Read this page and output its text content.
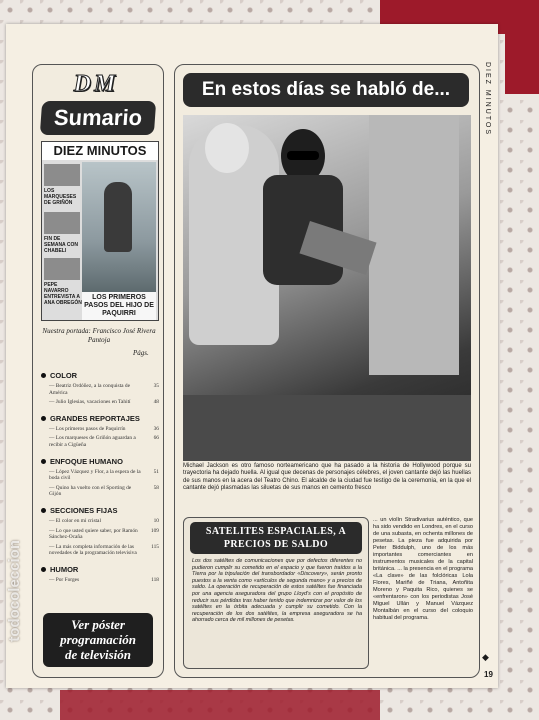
DM
Sumario
DIEZ MINUTOS
LOS MARQUESES DE GRIÑÓN
FIN DE SEMANA CON CHABELI
PEPE NAVARRO ENTREVISTA A ANA OBREGÓN
LOS PRIMEROS PASOS DEL HIJO DE PAQUIRRI
Nuestra portada: Francisco José Rivera Pantoja
Págs.
COLOR
— Beatriz Ordóñez, a la conquista de América
35
— Julio Iglesias, vacaciones en Tahití	48
GRANDES REPORTAJES
— Los primeros pasos de Paquirrín	36
— Los marqueses de Griñón aguardan a recibir a Cigüeña
66
ENFOQUE HUMANO
— López Vázquez y Flor, a la espera de la boda civil
51
— Quino ha vuelto con el Sporting de Gijón
58
SECCIONES FIJAS
— El color en mi cristal	10
— Lo que usted quiere saber, por Ramón Sánchez-Ocaña
109
— La más completa información de las novedades de la programación televisiva
115
HUMOR
— Por Forges	118
Ver póster
programación
de televisión
En estos días se habló de...
Michael Jackson es otro famoso norteamericano que ha pasado a la historia de Hollywood porque su trayectoria ha dejado huella. Al igual que decenas de personajes célebres, el joven cantante dejó las huellas de sus manos en la acera del Teatro Chino. El alcalde de la ciudad fue testigo de la ceremonia, en la que el cantante dejó plasmadas las siluetas de sus manos en cemento fresco
SATELITES ESPACIALES, A
PRECIOS DE SALDO
Los dos satélites de comunicaciones que por defectos diferentes no pudieron cumplir su cometido en el espacio y que fueron traídos a la Tierra por la tripulación del transbordador «Discovery», serán pronto puestos a la venta como «artículos de segunda mano» y a precios de saldo. La operación de recuperación de estos satélites fue financiada por una agencia aseguradora del grupo Lloyd's con el propósito de reducir sus pérdidas tras haber tenido que indemnizar por valor de los satélites en la órbita adecuada y cumplir su cometido. Con la recuperación de los dos satélites, la empresa aseguradora se ha ahorrado cerca de mil millones de pesetas.
... un violín Stradivarius auténtico, que ha sido vendido en Londres, en el curso de una subasta, en ochenta millones de pesetas. La pieza fue adquirida por Peter Biddulph, uno de los más importantes comerciantes en instrumentos musicales de la capital británica. ... la presencia en el programa «La clave» de las folclóricas Lola Flores, Mariñé de Triana, Antoñita Moreno y Paquita Rico, quienes se «enfrentaron» con los periodistas José Miguel Ullán y Manuel Vázquez Montalbán en el curso del coloquio habitual del programa.
DIEZ MINUTOS
◆
19
todocoleccion
